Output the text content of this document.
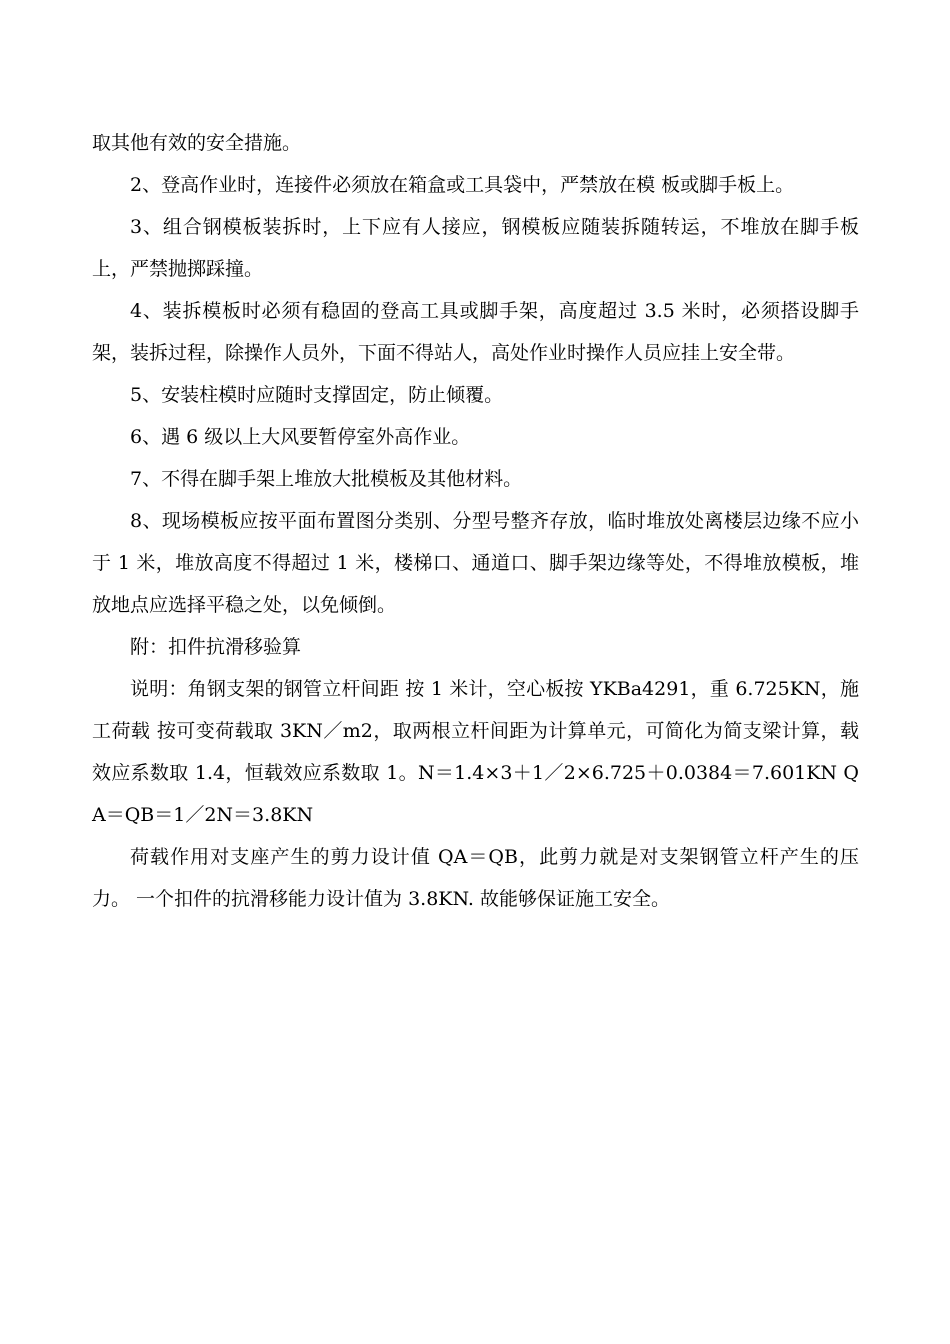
取其他有效的安全措施。

2、登高作业时，连接件必须放在箱盒或工具袋中，严禁放在模 板或脚手板上。

3、组合钢模板装拆时，上下应有人接应，钢模板应随装拆随转运，不堆放在脚手板上，严禁抛掷踩撞。

4、装拆模板时必须有稳固的登高工具或脚手架，高度超过 3.5 米时，必须搭设脚手架，装拆过程，除操作人员外，下面不得站人，高处作业时操作人员应挂上安全带。

5、安装柱模时应随时支撑固定，防止倾覆。

6、遇 6 级以上大风要暂停室外高作业。

7、不得在脚手架上堆放大批模板及其他材料。

8、现场模板应按平面布置图分类别、分型号整齐存放，临时堆放处离楼层边缘不应小于 1 米，堆放高度不得超过 1 米，楼梯口、通道口、脚手架边缘等处，不得堆放模板，堆放地点应选择平稳之处，以免倾倒。

附：扣件抗滑移验算

说明：角钢支架的钢管立杆间距 按 1 米计，空心板按 YKBa4291，重 6.725KN，施工荷载 按可变荷载取 3KN／m2，取两根立杆间距为计算单元，可简化为简支梁计算，载效应系数取 1.4，恒载效应系数取 1。N＝1.4×3＋1／2×6.725＋0.0384＝7.601KN QA＝QB＝1／2N＝3.8KN

荷载作用对支座产生的剪力设计值 QA＝QB，此剪力就是对支架钢管立杆产生的压力。 一个扣件的抗滑移能力设计值为 3.8KN. 故能够保证施工安全。
